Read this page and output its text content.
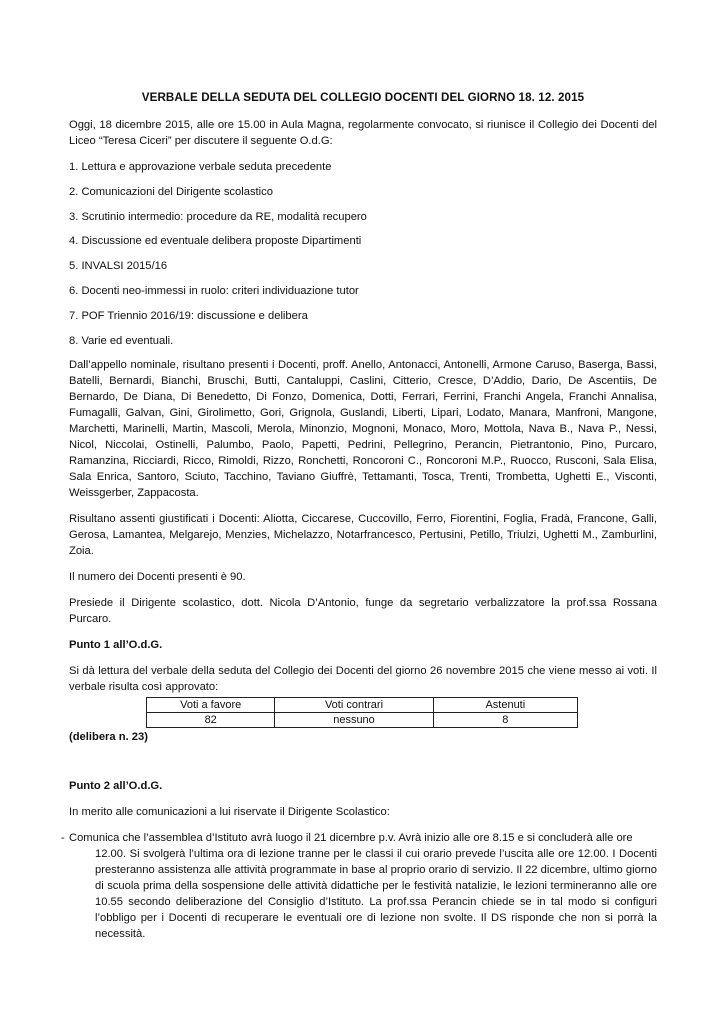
VERBALE DELLA SEDUTA DEL COLLEGIO DOCENTI DEL GIORNO 18. 12. 2015

Oggi, 18 dicembre 2015, alle ore 15.00 in Aula Magna, regolarmente convocato, si riunisce il Collegio dei Docenti del Liceo “Teresa Ciceri” per discutere il seguente O.d.G:

1. Lettura e approvazione verbale seduta precedente
2. Comunicazioni del Dirigente scolastico
3. Scrutinio intermedio: procedure da RE, modalità recupero
4. Discussione ed eventuale delibera proposte Dipartimenti
5. INVALSI 2015/16
6. Docenti neo-immessi in ruolo: criteri individuazione tutor
7. POF Triennio 2016/19: discussione e delibera
8. Varie ed eventuali.

Dall’appello nominale, risultano presenti i Docenti, proff. Anello, Antonacci, Antonelli, Armone Caruso, Baserga, Bassi, Batelli, Bernardi, Bianchi, Bruschi, Butti, Cantaluppi, Caslini, Citterio, Cresce, D’Addio, Dario, De Ascentiis, De Bernardo, De Diana, Di Benedetto, Di Fonzo, Domenica, Dotti, Ferrari, Ferrini, Franchi Angela, Franchi Annalisa, Fumagalli, Galvan, Gini, Girolimetto, Gori, Grignola, Guslandi, Liberti, Lipari, Lodato, Manara, Manfroni, Mangone, Marchetti, Marinelli, Martin, Mascoli, Merola, Minonzio, Mognoni, Monaco, Moro, Mottola, Nava B., Nava P., Nessi, Nicol, Niccolai, Ostinelli, Palumbo, Paolo, Papetti, Pedrini, Pellegrino, Perancin, Pietrantonio, Pino, Purcaro, Ramanzina, Ricciardi, Ricco, Rimoldi, Rizzo, Ronchetti, Roncoroni C., Roncoroni M.P., Ruocco, Rusconi, Sala Elisa, Sala Enrica, Santoro, Sciuto, Tacchino, Taviano Giuffrè, Tettamanti, Tosca, Trenti, Trombetta, Ughetti E., Visconti, Weissgerber, Zappacosta.

Risultano assenti giustificati i Docenti: Aliotta, Ciccarese, Cuccovillo, Ferro, Fiorentini, Foglia, Fradà, Francone, Galli, Gerosa, Lamantea, Melgarejo, Menzies, Michelazzo, Notarfrancesco, Pertusini, Petillo, Triulzi, Ughetti M., Zamburlini, Zoia.

Il numero dei Docenti presenti è 90.

Presiede il Dirigente scolastico, dott. Nicola D’Antonio, funge da segretario verbalizzatore la prof.ssa Rossana Purcaro.

Punto 1 all’O.d.G.

Si dà lettura del verbale della seduta del Collegio dei Docenti del giorno 26 novembre 2015 che viene messo ai voti. Il verbale risulta così approvato:

Voti a favore	Voti contrari	Astenuti
82	nessuno	8

(delibera n. 23)

Punto 2 all’O.d.G.

In merito alle comunicazioni a lui riservate il Dirigente Scolastico:

- Comunica che l’assemblea d’Istituto avrà luogo il 21 dicembre p.v. Avrà inizio alle ore 8.15 e si concluderà alle ore
12.00. Si svolgerà l’ultima ora di lezione tranne per le classi il cui orario prevede l’uscita alle ore 12.00. I Docenti presteranno assistenza alle attività programmate in base al proprio orario di servizio. Il 22 dicembre, ultimo giorno di scuola prima della sospensione delle attività didattiche per le festività natalizie, le lezioni termineranno alle ore 10.55 secondo deliberazione del Consiglio d’Istituto. La prof.ssa Perancin chiede se in tal modo si configuri l’obbligo per i Docenti di recuperare le eventuali ore di lezione non svolte. Il DS risponde che non si porrà la necessità.
